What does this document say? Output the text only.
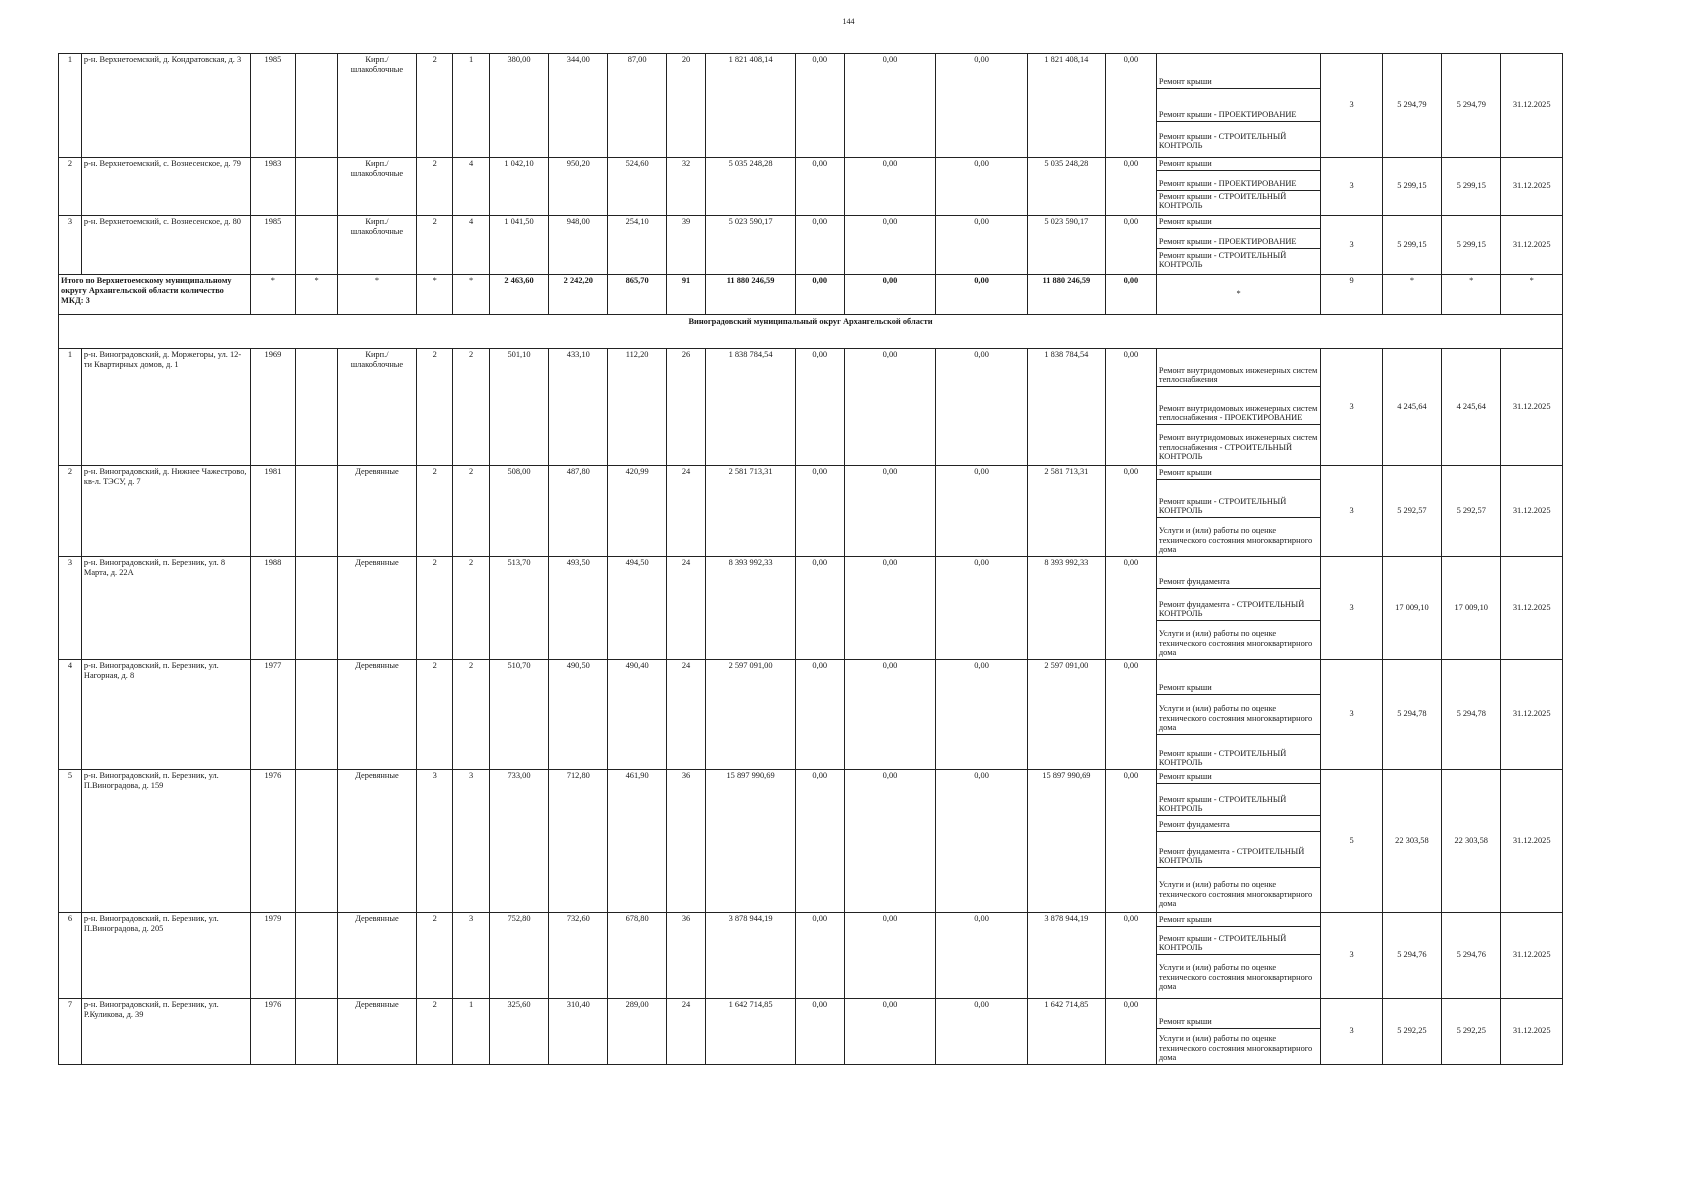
144
1	р-н. Верхнетоемский, д. Кондратовская, д. 3	1985		Кирп./ шлакоблочные	2	1	380,00	344,00	87,00	20	1 821 408,14	0,00	0,00	0,00	1 821 408,14	0,00	Ремонт крыши
Ремонт крыши - ПРОЕКТИРОВАНИЕ
Ремонт крыши - СТРОИТЕЛЬНЫЙ КОНТРОЛЬ	3	5 294,79	5 294,79	31.12.2025
2	р-н. Верхнетоемский, с. Вознесенское, д. 79	1983		Кирп./ шлакоблочные	2	4	1 042,10	950,20	524,60	32	5 035 248,28	0,00	0,00	0,00	5 035 248,28	0,00	Ремонт крыши
Ремонт крыши - ПРОЕКТИРОВАНИЕ
Ремонт крыши - СТРОИТЕЛЬНЫЙ КОНТРОЛЬ	3	5 299,15	5 299,15	31.12.2025
3	р-н. Верхнетоемский, с. Вознесенское, д. 80	1985		Кирп./ шлакоблочные	2	4	1 041,50	948,00	254,10	39	5 023 590,17	0,00	0,00	0,00	5 023 590,17	0,00	Ремонт крыши
Ремонт крыши - ПРОЕКТИРОВАНИЕ
Ремонт крыши - СТРОИТЕЛЬНЫЙ КОНТРОЛЬ	3	5 299,15	5 299,15	31.12.2025
Итого по Верхнетоемскому муниципальному округу Архангельской области количество МКД: 3		*	*	*	*	*	2 463,60	2 242,20	865,70	91	11 880 246,59	0,00	0,00	0,00	11 880 246,59	0,00	*	9	*	*	*
Виноградовский муниципальный округ Архангельской области																					
1	р-н. Виноградовский, д. Моржегоры, ул. 12-ти Квартирных домов, д. 1	1969		Кирп./ шлакоблочные	2	2	501,10	433,10	112,20	26	1 838 784,54	0,00	0,00	0,00	1 838 784,54	0,00	Ремонт внутридомовых инженерных систем теплоснабжения
Ремонт внутридомовых инженерных систем теплоснабжения - ПРОЕКТИРОВАНИЕ
Ремонт внутридомовых инженерных систем теплоснабжения - СТРОИТЕЛЬНЫЙ КОНТРОЛЬ	3	4 245,64	4 245,64	31.12.2025
2	р-н. Виноградовский, д. Нижнее Чажестрово, кв-л. ТЭСУ, д. 7	1981		Деревянные	2	2	508,00	487,80	420,99	24	2 581 713,31	0,00	0,00	0,00	2 581 713,31	0,00	Ремонт крыши
Ремонт крыши - СТРОИТЕЛЬНЫЙ КОНТРОЛЬ
Услуги и (или) работы по оценке технического состояния многоквартирного дома	3	5 292,57	5 292,57	31.12.2025
3	р-н. Виноградовский, п. Березник, ул. 8 Марта, д. 22А	1988		Деревянные	2	2	513,70	493,50	494,50	24	8 393 992,33	0,00	0,00	0,00	8 393 992,33	0,00	Ремонт фундамента
Ремонт фундамента - СТРОИТЕЛЬНЫЙ КОНТРОЛЬ
Услуги и (или) работы по оценке технического состояния многоквартирного дома	3	17 009,10	17 009,10	31.12.2025
4	р-н. Виноградовский, п. Березник, ул. Нагорная, д. 8	1977		Деревянные	2	2	510,70	490,50	490,40	24	2 597 091,00	0,00	0,00	0,00	2 597 091,00	0,00	Ремонт крыши
Услуги и (или) работы по оценке технического состояния многоквартирного дома
Ремонт крыши - СТРОИТЕЛЬНЫЙ КОНТРОЛЬ	3	5 294,78	5 294,78	31.12.2025
5	р-н. Виноградовский, п. Березник, ул. П.Виноградова, д. 159	1976		Деревянные	3	3	733,00	712,80	461,90	36	15 897 990,69	0,00	0,00	0,00	15 897 990,69	0,00	Ремонт крыши
Ремонт крыши - СТРОИТЕЛЬНЫЙ КОНТРОЛЬ
Ремонт фундамента
Ремонт фундамента - СТРОИТЕЛЬНЫЙ КОНТРОЛЬ
Услуги и (или) работы по оценке технического состояния многоквартирного дома	5	22 303,58	22 303,58	31.12.2025
6	р-н. Виноградовский, п. Березник, ул. П.Виноградова, д. 205	1979		Деревянные	2	3	752,80	732,60	678,80	36	3 878 944,19	0,00	0,00	0,00	3 878 944,19	0,00	Ремонт крыши
Ремонт крыши - СТРОИТЕЛЬНЫЙ КОНТРОЛЬ
Услуги и (или) работы по оценке технического состояния многоквартирного дома	3	5 294,76	5 294,76	31.12.2025
7	р-н. Виноградовский, п. Березник, ул. Р.Куликова, д. 39	1976		Деревянные	2	1	325,60	310,40	289,00	24	1 642 714,85	0,00	0,00	0,00	1 642 714,85	0,00	Ремонт крыши
Услуги и (или) работы по оценке технического состояния многоквартирного дома	3	5 292,25	5 292,25	31.12.2025
